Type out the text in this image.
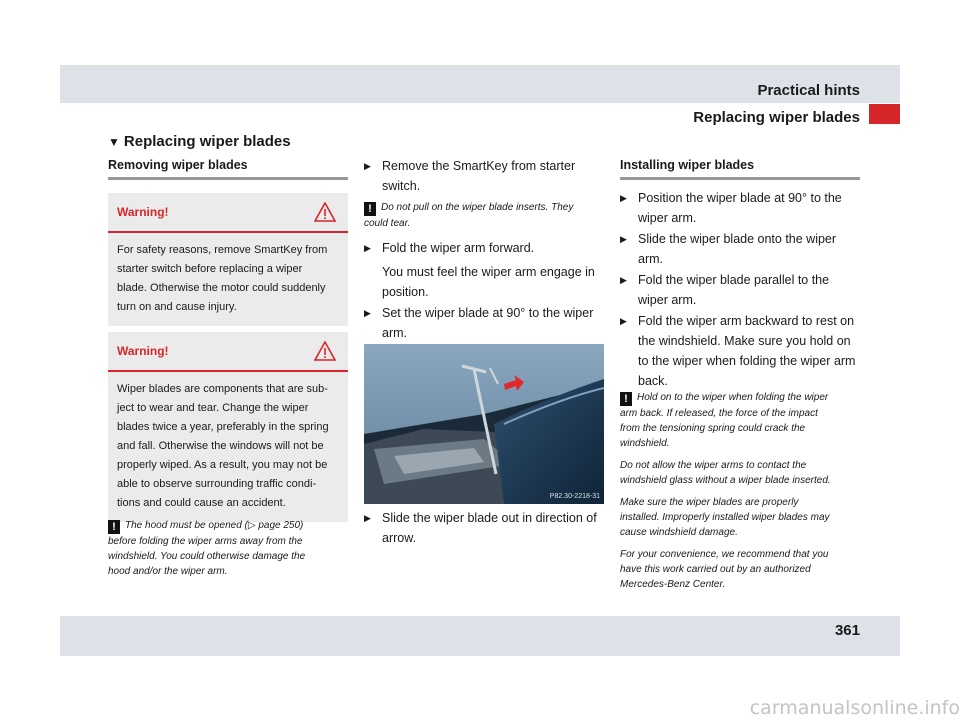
Practical hints
Replacing wiper blades
▼ Replacing wiper blades
Removing wiper blades
Warning!
For safety reasons, remove SmartKey from
starter switch before replacing a wiper
blade. Otherwise the motor could suddenly
turn on and cause injury.
Warning!
Wiper blades are components that are sub-
ject to wear and tear. Change the wiper
blades twice a year, preferably in the spring
and fall. Otherwise the windows will not be
properly wiped. As a result, you may not be
able to observe surrounding traffic condi-
tions and could cause an accident.

! The hood must be opened (▷ page 250)
before folding the wiper arms away from the
windshield. You could otherwise damage the
hood and/or the wiper arm.

▶ Remove the SmartKey from starter
switch.

! Do not pull on the wiper blade inserts. They
could tear.

▶ Fold the wiper arm forward.
You must feel the wiper arm engage in
position.
▶ Set the wiper blade at 90° to the wiper
arm.
P82.30-2218-31
▶ Slide the wiper blade out in direction of
arrow.
Installing wiper blades
▶ Position the wiper blade at 90° to the
wiper arm.
▶ Slide the wiper blade onto the wiper
arm.
▶ Fold the wiper blade parallel to the
wiper arm.
▶ Fold the wiper arm backward to rest on
the windshield. Make sure you hold on
to the wiper when folding the wiper arm
back.

! Hold on to the wiper when folding the wiper
arm back. If released, the force of the impact
from the tensioning spring could crack the
windshield.

Do not allow the wiper arms to contact the
windshield glass without a wiper blade inserted.

Make sure the wiper blades are properly
installed. Improperly installed wiper blades may
cause windshield damage.

For your convenience, we recommend that you
have this work carried out by an authorized
Mercedes-Benz Center.

361
carmanualsonline.info
